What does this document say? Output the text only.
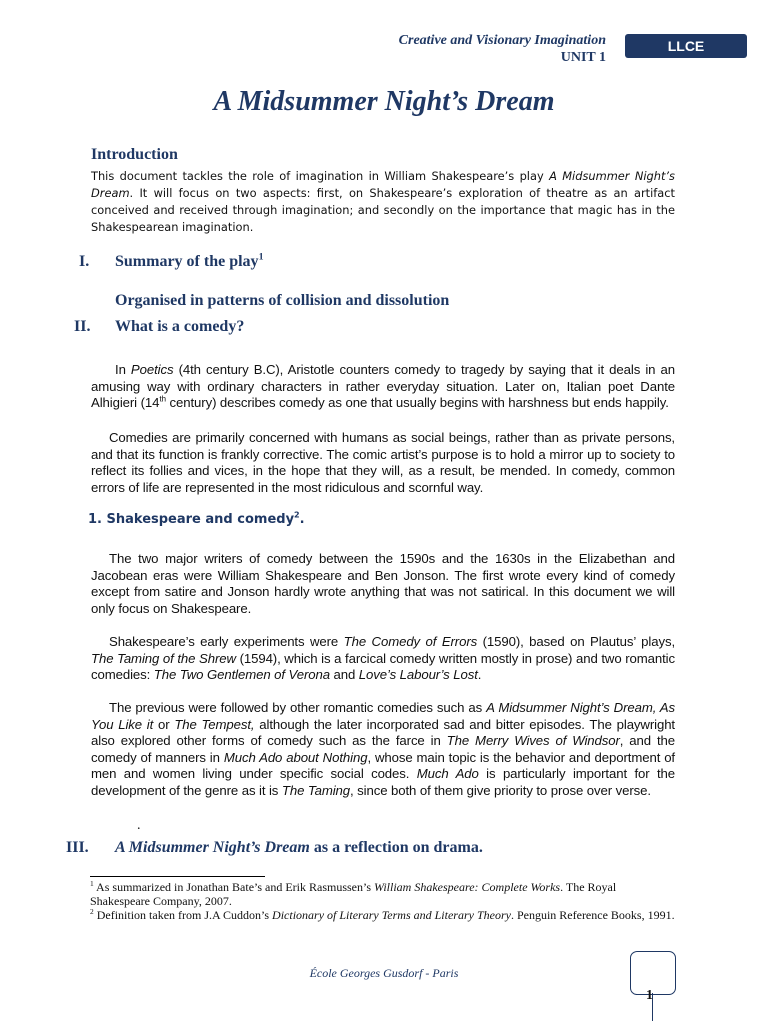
Creative and Visionary Imagination
UNIT 1
LLCE
A Midsummer Night’s Dream
Introduction
This document tackles the role of imagination in William Shakespeare’s play A Midsummer Night’s Dream. It will focus on two aspects: first, on Shakespeare’s exploration of theatre as an artifact conceived and received through imagination; and secondly on the importance that magic has in the Shakespearean imagination.
I. Summary of the play$^1$
Organised in patterns of collision and dissolution
II. What is a comedy?

In Poetics (4th century B.C), Aristotle counters comedy to tragedy by saying that it deals in an amusing way with ordinary characters in rather everyday situation. Later on, Italian poet Dante Alhigieri (14th century) describes comedy as one that usually begins with harshness but ends happily.

Comedies are primarily concerned with humans as social beings, rather than as private persons, and that its function is frankly corrective. The comic artist’s purpose is to hold a mirror up to society to reflect its follies and vices, in the hope that they will, as a result, be mended. In comedy, common errors of life are represented in the most ridiculous and scornful way.

1. Shakespeare and comedy$^2$.

The two major writers of comedy between the 1590s and the 1630s in the Elizabethan and Jacobean eras were William Shakespeare and Ben Jonson. The first wrote every kind of comedy except from satire and Jonson hardly wrote anything that was not satirical. In this document we will only focus on Shakespeare.

Shakespeare’s early experiments were The Comedy of Errors (1590), based on Plautus’ plays, The Taming of the Shrew (1594), which is a farcical comedy written mostly in prose) and two romantic comedies: The Two Gentlemen of Verona and Love’s Labour’s Lost.

The previous were followed by other romantic comedies such as A Midsummer Night’s Dream, As You Like it or The Tempest, although the later incorporated sad and bitter episodes. The playwright also explored other forms of comedy such as the farce in The Merry Wives of Windsor, and the comedy of manners in Much Ado about Nothing, whose main topic is the behavior and deportment of men and women living under specific social codes. Much Ado is particularly important for the development of the genre as it is The Taming, since both of them give priority to prose over verse.

.
III. A Midsummer Night’s Dream as a reflection on drama.

$^1$ As summarized in Jonathan Bate’s and Erik Rasmussen’s William Shakespeare: Complete Works. The Royal Shakespeare Company, 2007.

$^2$ Definition taken from J.A Cuddon’s Dictionary of Literary Terms and Literary Theory. Penguin Reference Books, 1991.

École Georges Gusdorf - Paris
1
